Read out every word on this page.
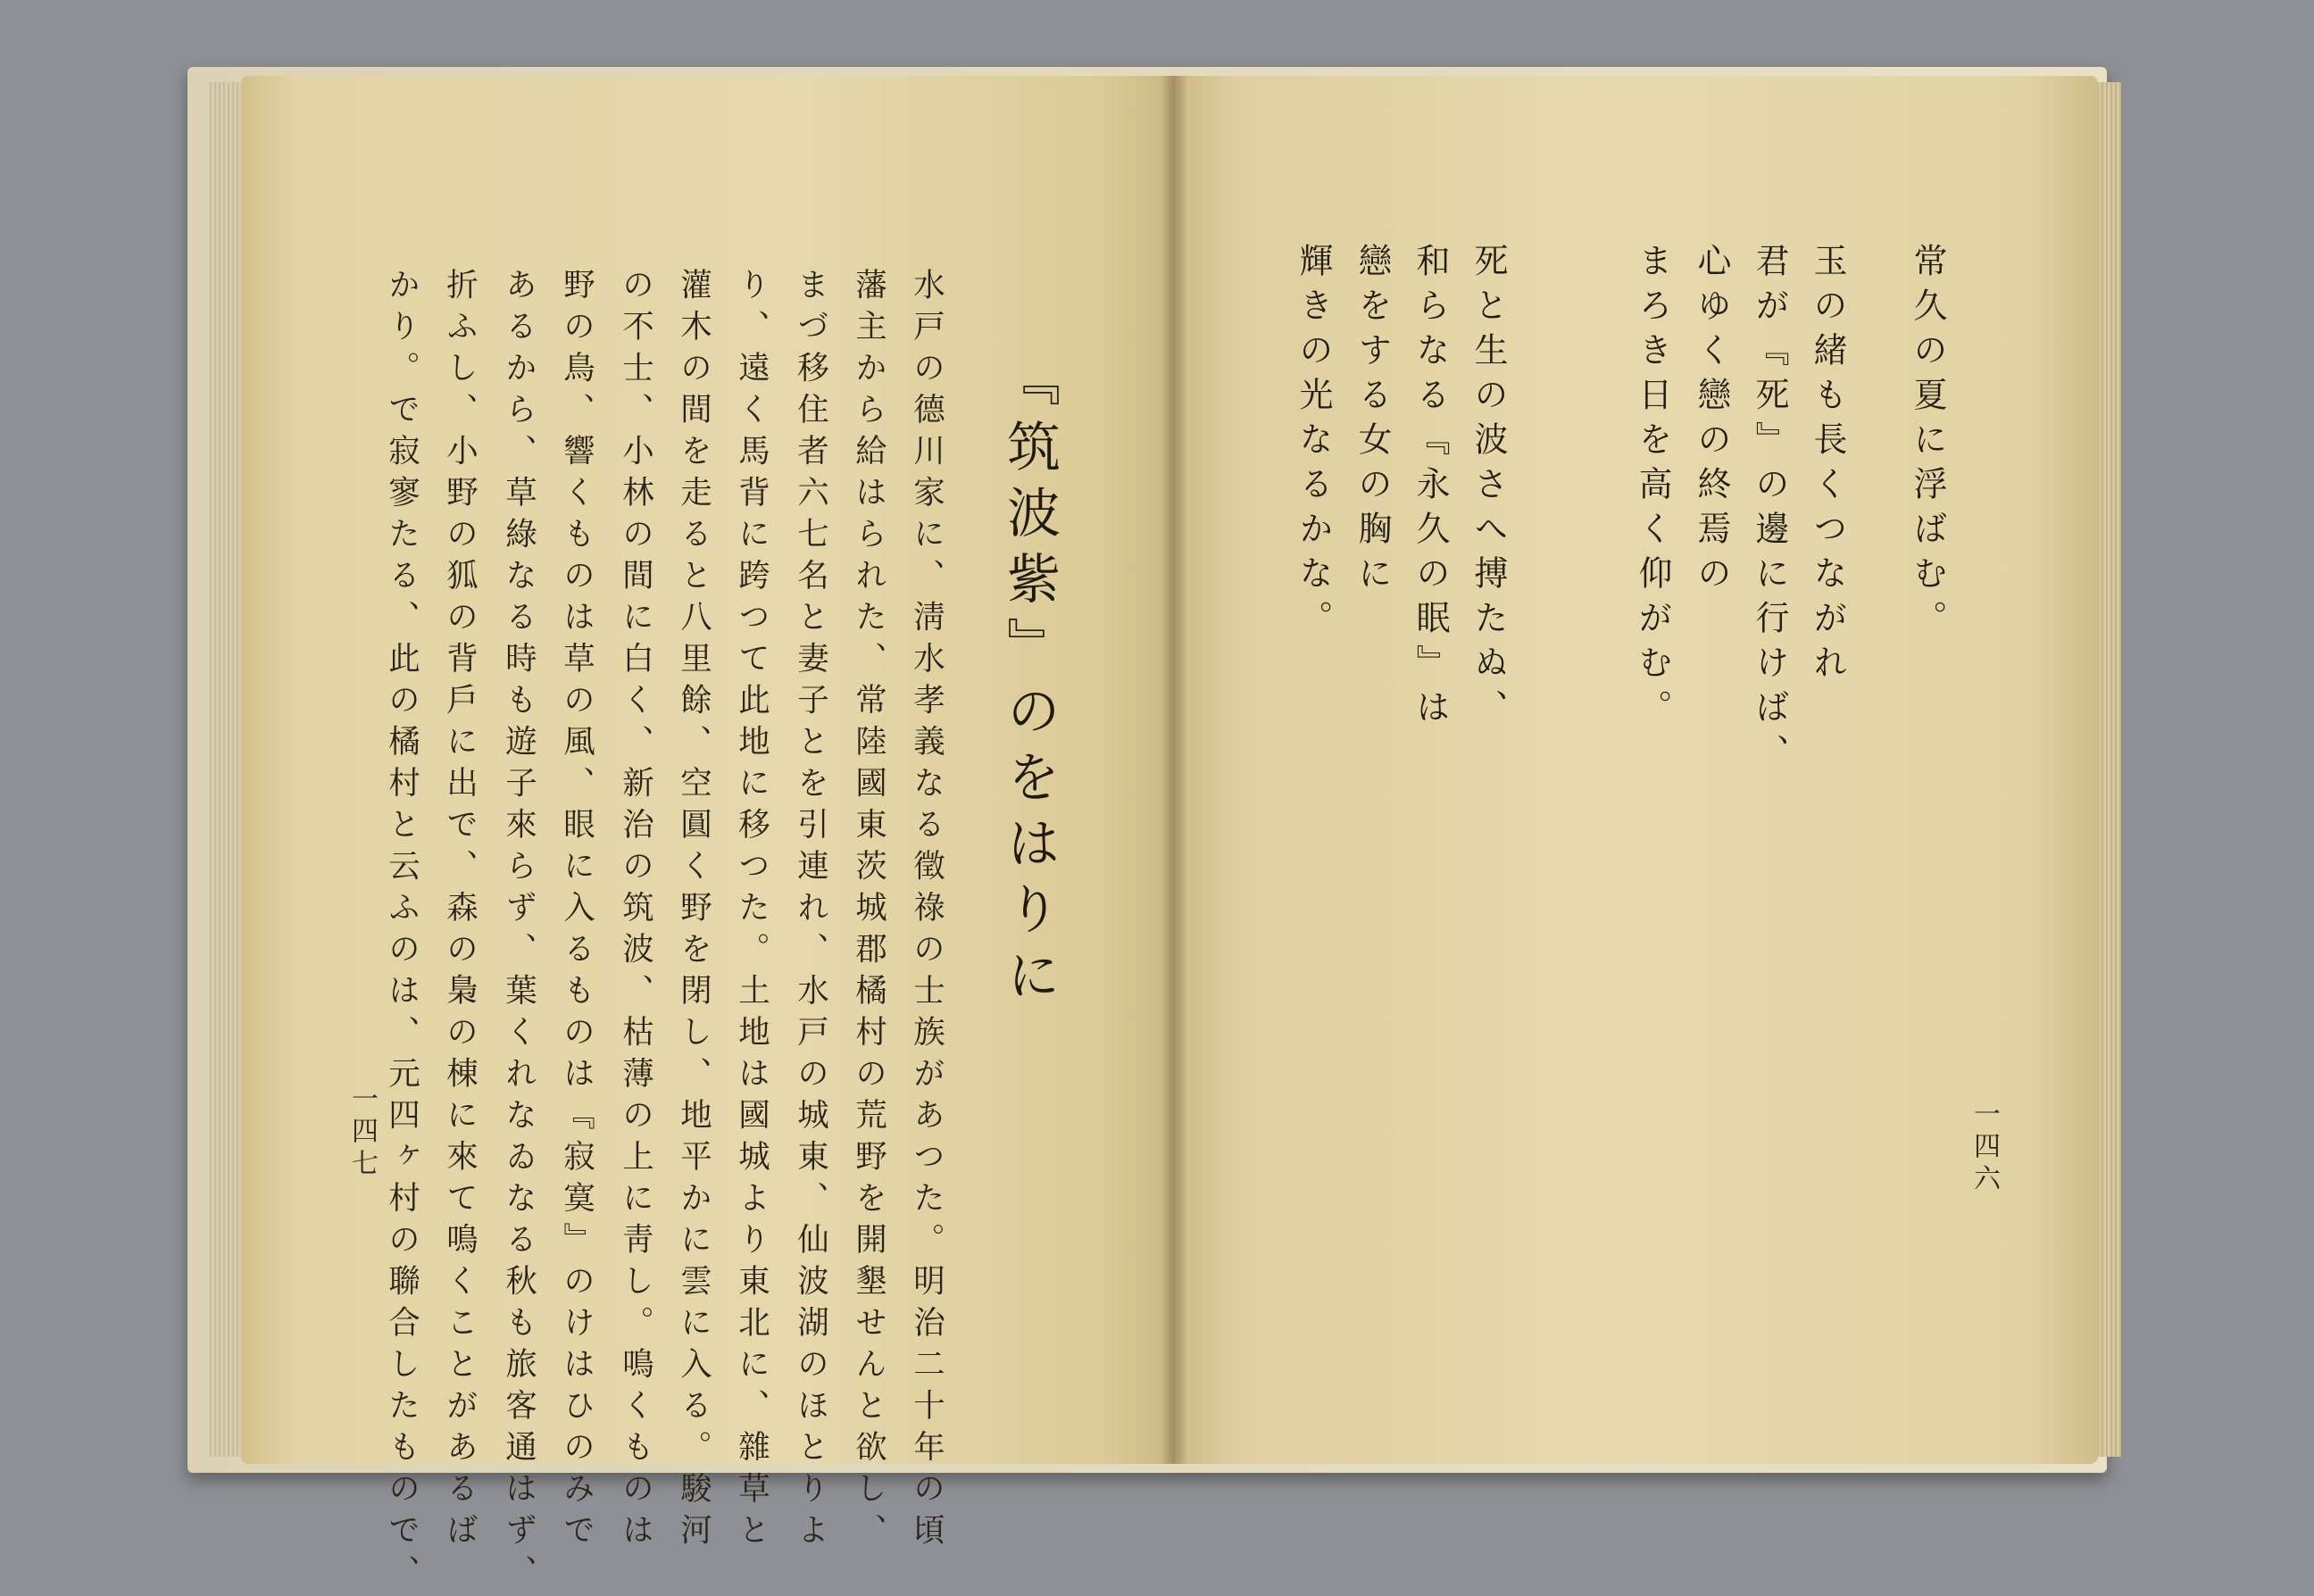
『筑波紫』のをはりに
水戸の德川家に、淸水孝義なる徵祿の士族があつた。明治二十年の頃
藩主から給はられた、常陸國東茨城郡橘村の荒野を開墾せんと欲し、
まづ移住者六七名と妻子とを引連れ、水戸の城東、仙波湖のほとりよ
り、遠く馬背に跨つて此地に移つた。土地は國城より東北に、雜草と
灌木の間を走ると八里餘、空圓く野を閉し、地平かに雲に入る。駿河
の不士、小林の間に白く、新治の筑波、枯薄の上に靑し。鳴くものは
野の鳥、響くものは草の風、眼に入るものは『寂寞』のけはひのみで
あるから、草綠なる時も遊子來らず、葉くれなゐなる秋も旅客通はず、
折ふし、小野の狐の背戶に出で、森の梟の棟に來て鳴くことがあるば
かり。で寂寥たる、此の橘村と云ふのは、元四ヶ村の聯合したもので、
一四七
常久の夏に浮ばむ。
玉の緒も長くつながれ
君が『死』の邊に行けば、
心ゆく戀の終焉の
まろき日を高く仰がむ。
死と生の波さへ搏たぬ、
和らなる『永久の眠』は
戀をする女の胸に
輝きの光なるかな。
一四六
